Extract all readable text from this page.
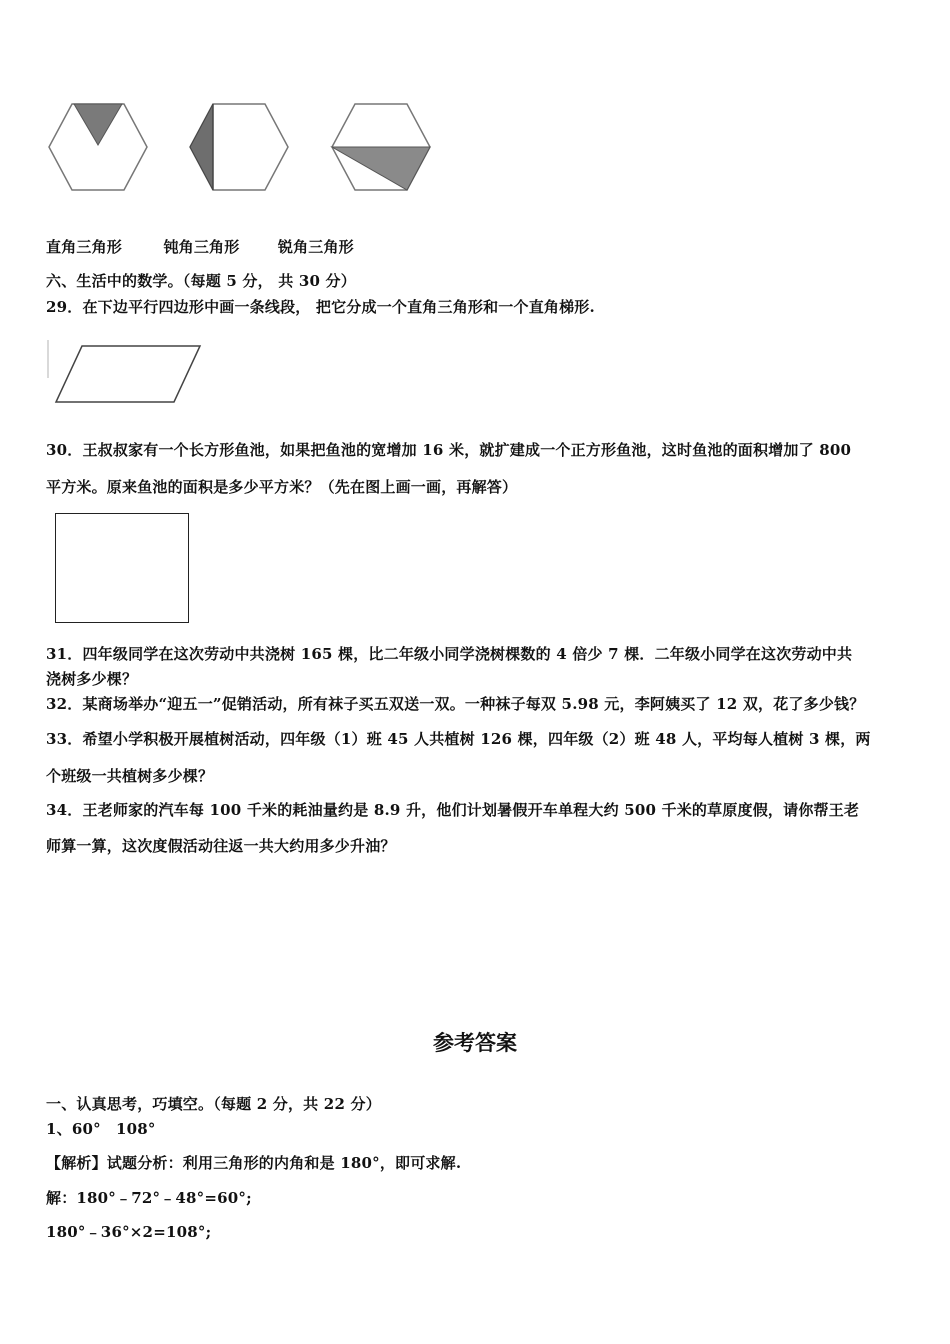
直角三角形	钝角三角形	锐角三角形
六、生活中的数学。（每题 5 分， 共 30 分）
29．在下边平行四边形中画一条线段， 把它分成一个直角三角形和一个直角梯形.
30．王叔叔家有一个长方形鱼池，如果把鱼池的宽增加 16 米，就扩建成一个正方形鱼池，这时鱼池的面积增加了 800
平方米。原来鱼池的面积是多少平方米？（先在图上画一画，再解答）
31．四年级同学在这次劳动中共浇树 165 棵，比二年级小同学浇树棵数的 4 倍少 7 棵．二年级小同学在这次劳动中共
浇树多少棵？
32．某商场举办“迎五一”促销活动，所有袜子买五双送一双。一种袜子每双 5.98 元，李阿姨买了 12 双，花了多少钱？
33．希望小学积极开展植树活动，四年级（1）班 45 人共植树 126 棵，四年级（2）班 48 人，平均每人植树 3 棵，两
个班级一共植树多少棵？
34．王老师家的汽车每 100 千米的耗油量约是 8.9 升，他们计划暑假开车单程大约 500 千米的草原度假，请你帮王老
师算一算，这次度假活动往返一共大约用多少升油？
参考答案
一、认真思考，巧填空。（每题 2 分，共 22 分）
1、60°　108°
【解析】试题分析：利用三角形的内角和是 180°，即可求解.
解：180°﹣72°﹣48°=60°;
180°﹣36°×2=108°;
